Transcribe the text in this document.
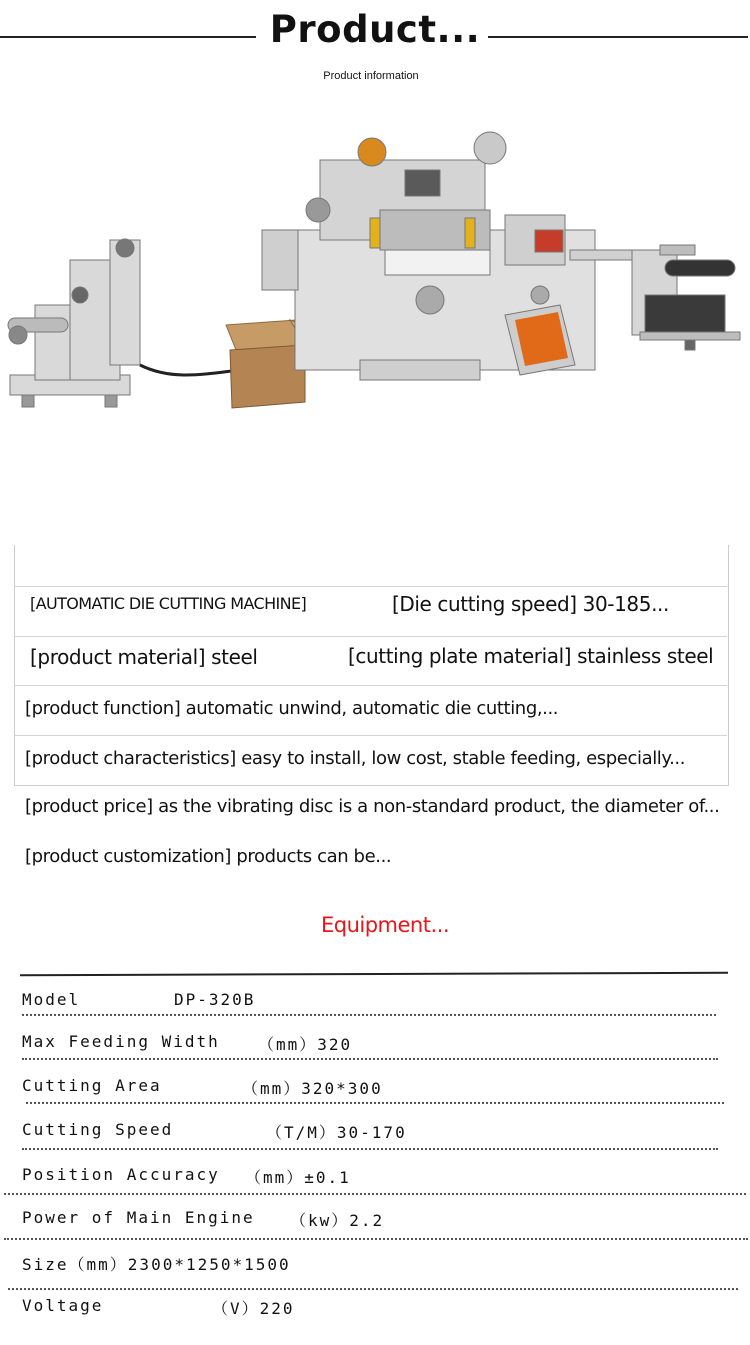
Product...
Product information
[AUTOMATIC DIE CUTTING MACHINE]	[Die cutting speed] 30-185...
[product material] steel	[cutting plate material] stainless steel
[product function] automatic unwind, automatic die cutting,...
[product characteristics] easy to install, low cost, stable feeding, especially...
[product price] as the vibrating disc is a non-standard product, the diameter of...
[product customization] products can be...
Equipment...
Model	DP-320B
Max Feeding Width （mm）320
Cutting Area	（mm）320*300
Cutting Speed	（T/M）30-170
Position Accuracy （mm）±0.1
Power of Main Engine （kw）2.2
Size（mm）2300*1250*1500
Voltage	（V）220
